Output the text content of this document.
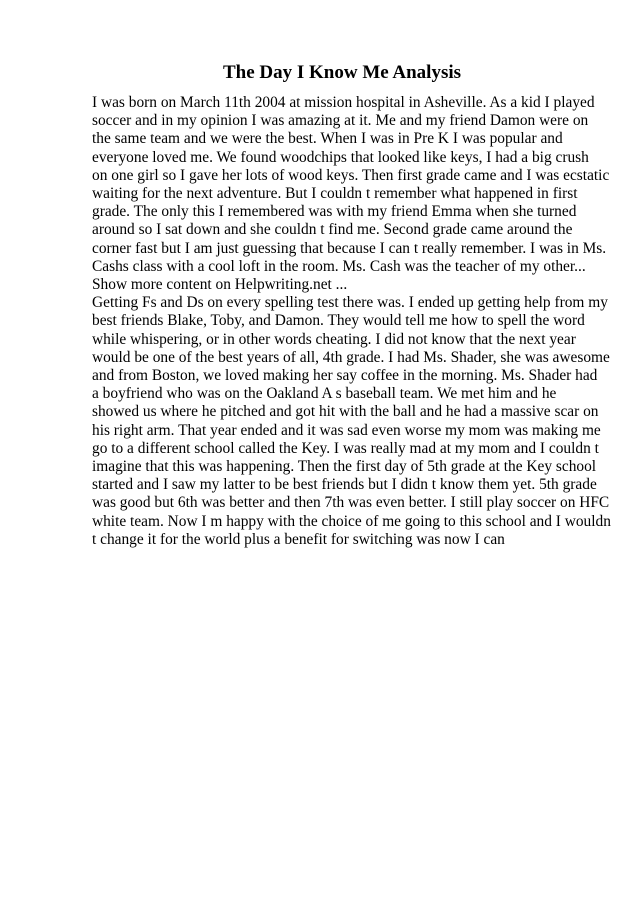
The Day I Know Me Analysis

I was born on March 11th 2004 at mission hospital in Asheville. As a kid I played

soccer and in my opinion I was amazing at it. Me and my friend Damon were on

the same team and we were the best. When I was in Pre K I was popular and

everyone loved me. We found woodchips that looked like keys, I had a big crush

on one girl so I gave her lots of wood keys. Then first grade came and I was ecstatic

waiting for the next adventure. But I couldn t remember what happened in first

grade. The only this I remembered was with my friend Emma when she turned

around so I sat down and she couldn t find me. Second grade came around the

corner fast but I am just guessing that because I can t really remember. I was in Ms.

Cashs class with a cool loft in the room. Ms. Cash was the teacher of my other...

Show more content on Helpwriting.net ...

Getting Fs and Ds on every spelling test there was. I ended up getting help from my

best friends Blake, Toby, and Damon. They would tell me how to spell the word

while whispering, or in other words cheating. I did not know that the next year

would be one of the best years of all, 4th grade. I had Ms. Shader, she was awesome

and from Boston, we loved making her say coffee in the morning. Ms. Shader had

a boyfriend who was on the Oakland A s baseball team. We met him and he

showed us where he pitched and got hit with the ball and he had a massive scar on

his right arm. That year ended and it was sad even worse my mom was making me

go to a different school called the Key. I was really mad at my mom and I couldn t

imagine that this was happening. Then the first day of 5th grade at the Key school

started and I saw my latter to be best friends but I didn t know them yet. 5th grade

was good but 6th was better and then 7th was even better. I still play soccer on HFC

white team. Now I m happy with the choice of me going to this school and I wouldn

t change it for the world plus a benefit for switching was now I can
